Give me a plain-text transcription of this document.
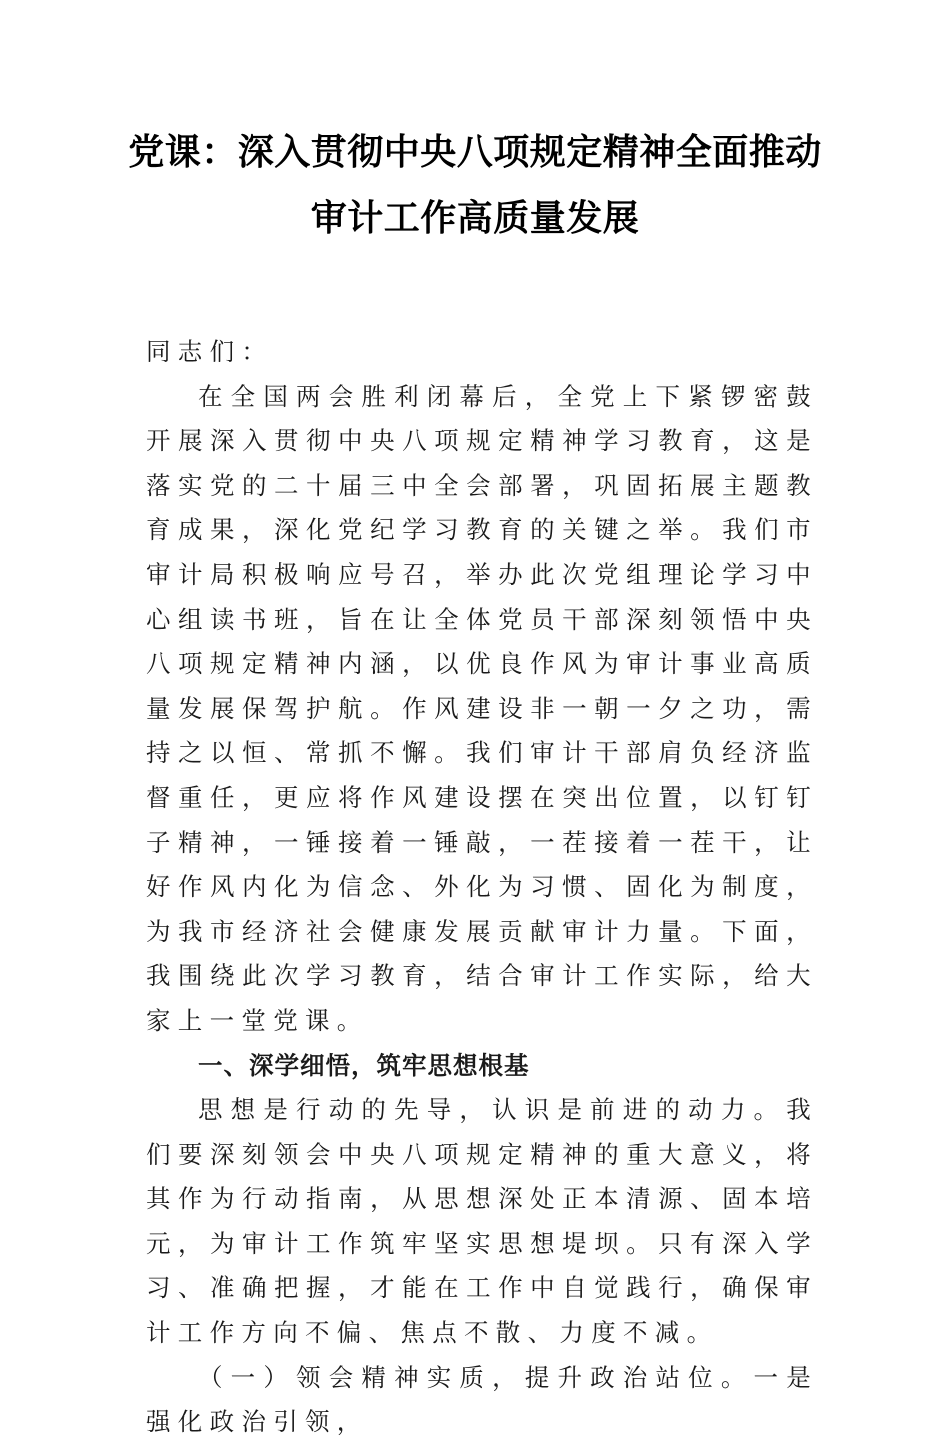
党课：深入贯彻中央八项规定精神全面推动
审计工作高质量发展

同志们：

在全国两会胜利闭幕后，全党上下紧锣密鼓开展深入贯彻中央八项规定精神学习教育，这是落实党的二十届三中全会部署，巩固拓展主题教育成果，深化党纪学习教育的关键之举。我们市审计局积极响应号召，举办此次党组理论学习中心组读书班，旨在让全体党员干部深刻领悟中央八项规定精神内涵，以优良作风为审计事业高质量发展保驾护航。作风建设非一朝一夕之功，需持之以恒、常抓不懈。我们审计干部肩负经济监督重任，更应将作风建设摆在突出位置，以钉钉子精神，一锤接着一锤敲，一茬接着一茬干，让好作风内化为信念、外化为习惯、固化为制度，为我市经济社会健康发展贡献审计力量。下面，我围绕此次学习教育，结合审计工作实际，给大家上一堂党课。

一、深学细悟，筑牢思想根基

思想是行动的先导，认识是前进的动力。我们要深刻领会中央八项规定精神的重大意义，将其作为行动指南，从思想深处正本清源、固本培元，为审计工作筑牢坚实思想堤坝。只有深入学习、准确把握，才能在工作中自觉践行，确保审计工作方向不偏、焦点不散、力度不减。

（一）领会精神实质，提升政治站位。一是强化政治引领，
